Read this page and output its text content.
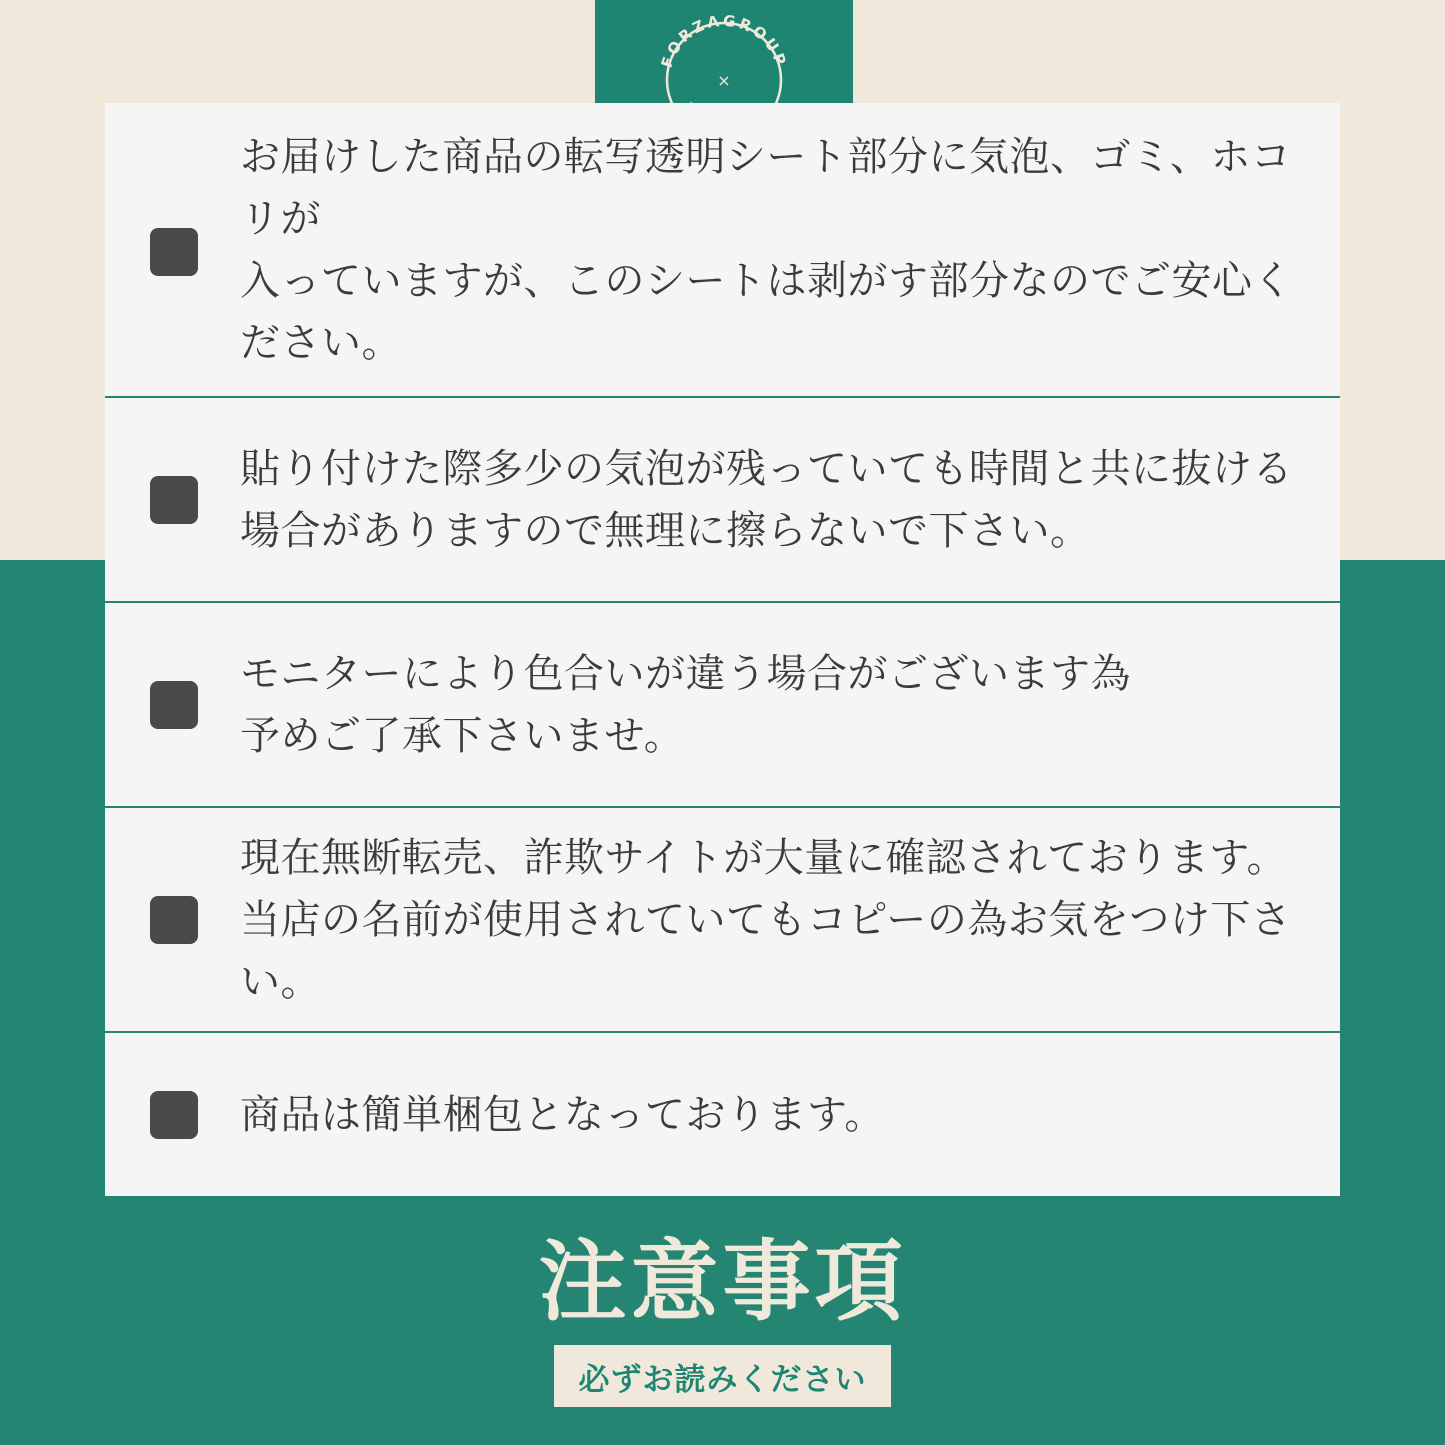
FORZAGROUP
×
お届けした商品の転写透明シート部分に気泡、ゴミ、ホコリが
入っていますが、このシートは剥がす部分なのでご安心ください。
貼り付けた際多少の気泡が残っていても時間と共に抜ける
場合がありますので無理に擦らないで下さい。
モニターにより色合いが違う場合がございます為
予めご了承下さいませ。
現在無断転売、詐欺サイトが大量に確認されております。
当店の名前が使用されていてもコピーの為お気をつけ下さい。
商品は簡単梱包となっております。
注意事項
必ずお読みください
